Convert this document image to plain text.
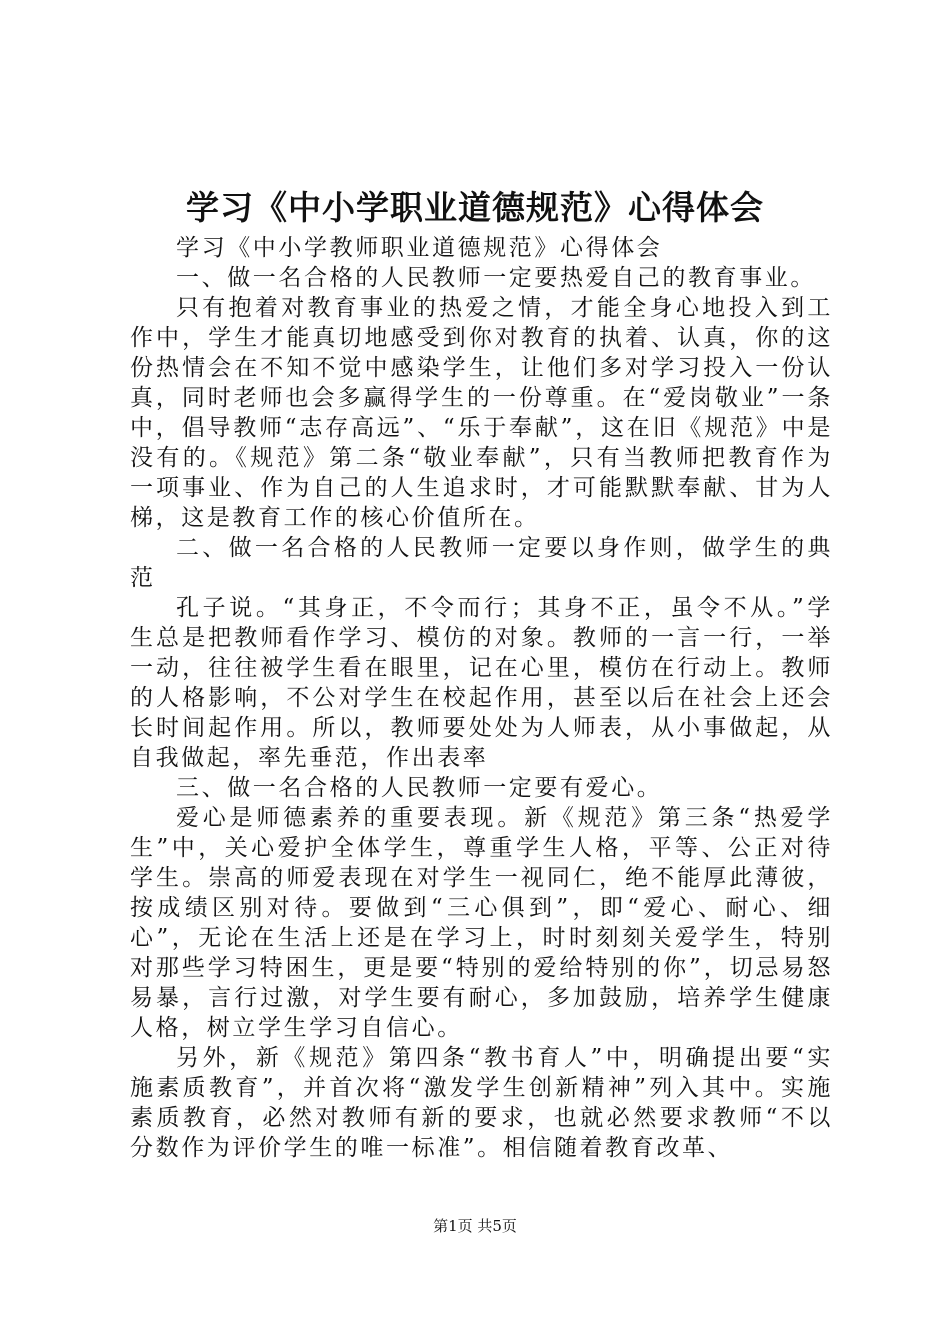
学习《中小学职业道德规范》心得体会

学习《中小学教师职业道德规范》心得体会

一、做一名合格的人民教师一定要热爱自己的教育事业。

只有抱着对教育事业的热爱之情，才能全身心地投入到工作中，学生才能真切地感受到你对教育的执着、认真，你的这份热情会在不知不觉中感染学生，让他们多对学习投入一份认真，同时老师也会多赢得学生的一份尊重。在“爱岗敬业”一条中，倡导教师“志存高远”、“乐于奉献”，这在旧《规范》中是没有的。《规范》第二条“敬业奉献”，只有当教师把教育作为一项事业、作为自己的人生追求时，才可能默默奉献、甘为人梯，这是教育工作的核心价值所在。

二、做一名合格的人民教师一定要以身作则，做学生的典范

孔子说。“其身正，不令而行；其身不正，虽令不从。”学生总是把教师看作学习、模仿的对象。教师的一言一行，一举一动，往往被学生看在眼里，记在心里，模仿在行动上。教师的人格影响，不公对学生在校起作用，甚至以后在社会上还会长时间起作用。所以，教师要处处为人师表，从小事做起，从自我做起，率先垂范，作出表率

三、做一名合格的人民教师一定要有爱心。

爱心是师德素养的重要表现。新《规范》第三条“热爱学生”中，关心爱护全体学生，尊重学生人格，平等、公正对待学生。崇高的师爱表现在对学生一视同仁，绝不能厚此薄彼，按成绩区别对待。要做到“三心俱到”，即“爱心、耐心、细心”，无论在生活上还是在学习上，时时刻刻关爱学生，特别对那些学习特困生，更是要“特别的爱给特别的你”，切忌易怒易暴，言行过激，对学生要有耐心，多加鼓励，培养学生健康人格，树立学生学习自信心。

另外，新《规范》第四条“教书育人”中，明确提出要“实施素质教育”，并首次将“激发学生创新精神”列入其中。实施素质教育，必然对教师有新的要求，也就必然要求教师“不以分数作为评价学生的唯一标准”。相信随着教育改革、

第1页 共5页
